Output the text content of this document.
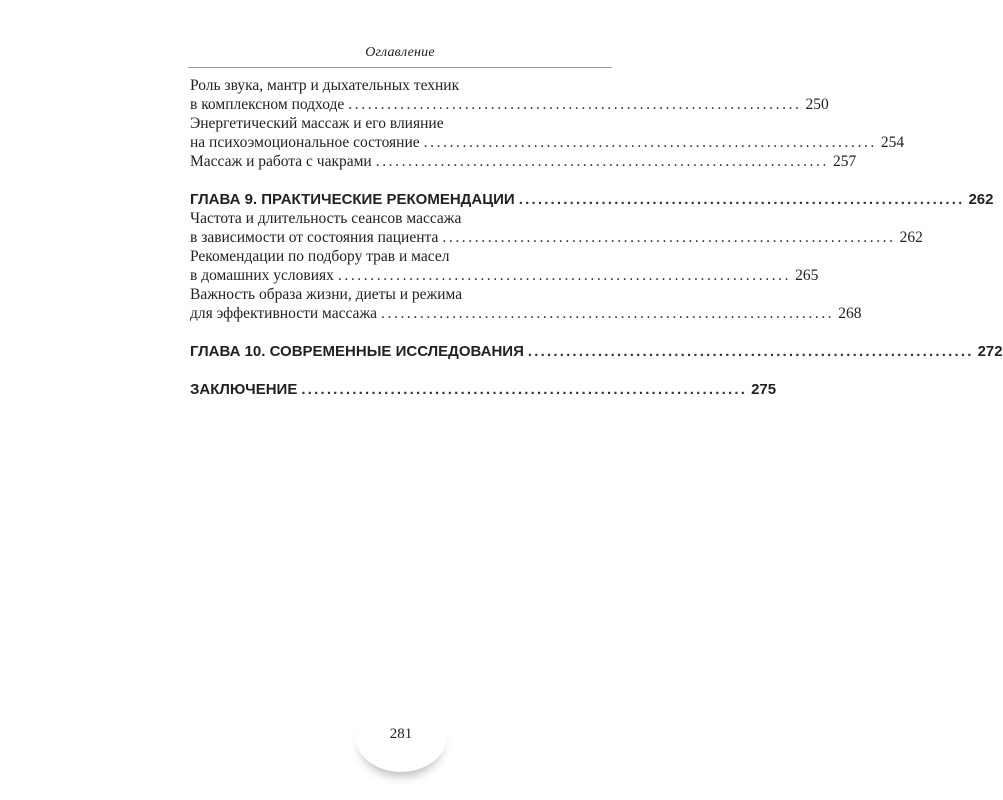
Оглавление
Роль звука, мантр и дыхательных техник
в комплексном подходе ...................................................................... 250
Энергетический массаж и его влияние
на психоэмоциональное состояние ...................................................................... 254
Массаж и работа с чакрами ...................................................................... 257
ГЛАВА 9. ПРАКТИЧЕСКИЕ РЕКОМЕНДАЦИИ ...................................................................... 262
Частота и длительность сеансов массажа
в зависимости от состояния пациента ...................................................................... 262
Рекомендации по подбору трав и масел
в домашних условиях ...................................................................... 265
Важность образа жизни, диеты и режима
для эффективности массажа ...................................................................... 268
ГЛАВА 10. СОВРЕМЕННЫЕ ИССЛЕДОВАНИЯ ...................................................................... 272
ЗАКЛЮЧЕНИЕ ...................................................................... 275
281
